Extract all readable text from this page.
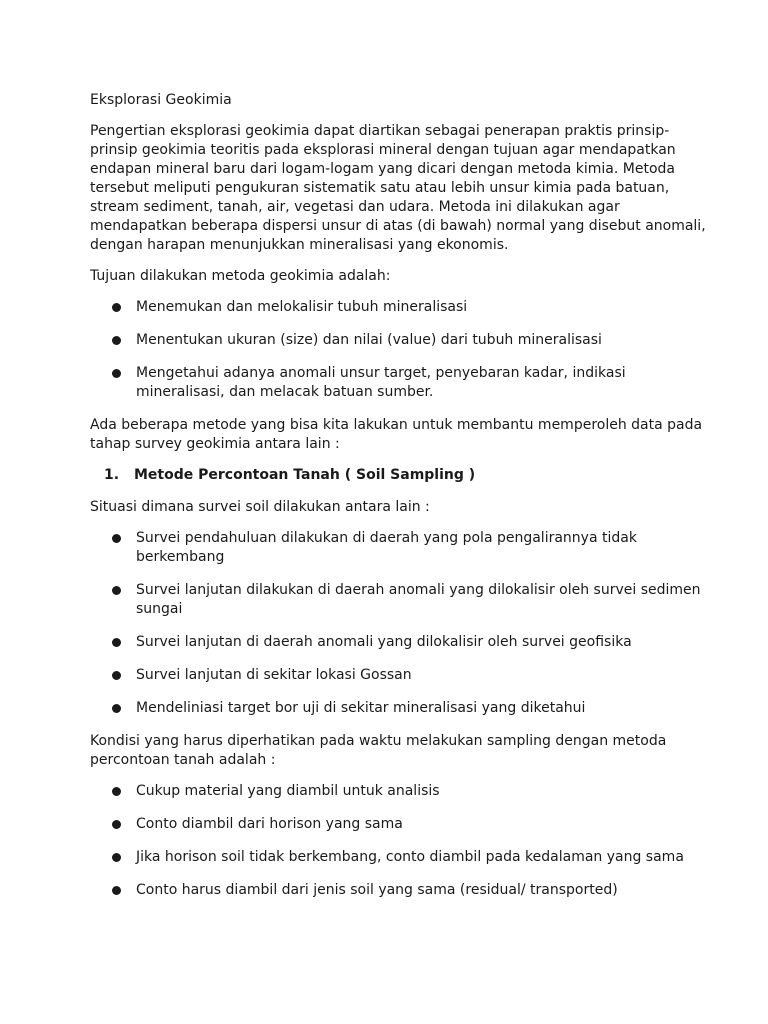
Eksplorasi Geokimia

Pengertian eksplorasi geokimia dapat diartikan sebagai penerapan praktis prinsip-prinsip geokimia teoritis pada eksplorasi mineral dengan tujuan agar mendapatkan endapan mineral baru dari logam-logam yang dicari dengan metoda kimia. Metoda tersebut meliputi pengukuran sistematik satu atau lebih unsur kimia pada batuan, stream sediment, tanah, air, vegetasi dan udara. Metoda ini dilakukan agar mendapatkan beberapa dispersi unsur di atas (di bawah) normal yang disebut anomali, dengan harapan menunjukkan mineralisasi yang ekonomis.

Tujuan dilakukan metoda geokimia adalah:

Menemukan dan melokalisir tubuh mineralisasi
Menentukan ukuran (size) dan nilai (value) dari tubuh mineralisasi
Mengetahui adanya anomali unsur target, penyebaran kadar, indikasi mineralisasi, dan melacak batuan sumber.

Ada beberapa metode yang bisa kita lakukan untuk membantu memperoleh data pada tahap survey geokimia antara lain :

1. Metode Percontoan Tanah ( Soil Sampling )

Situasi dimana survei soil dilakukan antara lain :

Survei pendahuluan dilakukan di daerah yang pola pengalirannya tidak berkembang
Survei lanjutan dilakukan di daerah anomali yang dilokalisir oleh survei sedimen sungai
Survei lanjutan di daerah anomali yang dilokalisir oleh survei geofisika
Survei lanjutan di sekitar lokasi Gossan
Mendeliniasi target bor uji di sekitar mineralisasi yang diketahui

Kondisi yang harus diperhatikan pada waktu melakukan sampling dengan metoda percontoan tanah adalah :

Cukup material yang diambil untuk analisis
Conto diambil dari horison yang sama
Jika horison soil tidak berkembang, conto diambil pada kedalaman yang sama
Conto harus diambil dari jenis soil yang sama (residual/ transported)
